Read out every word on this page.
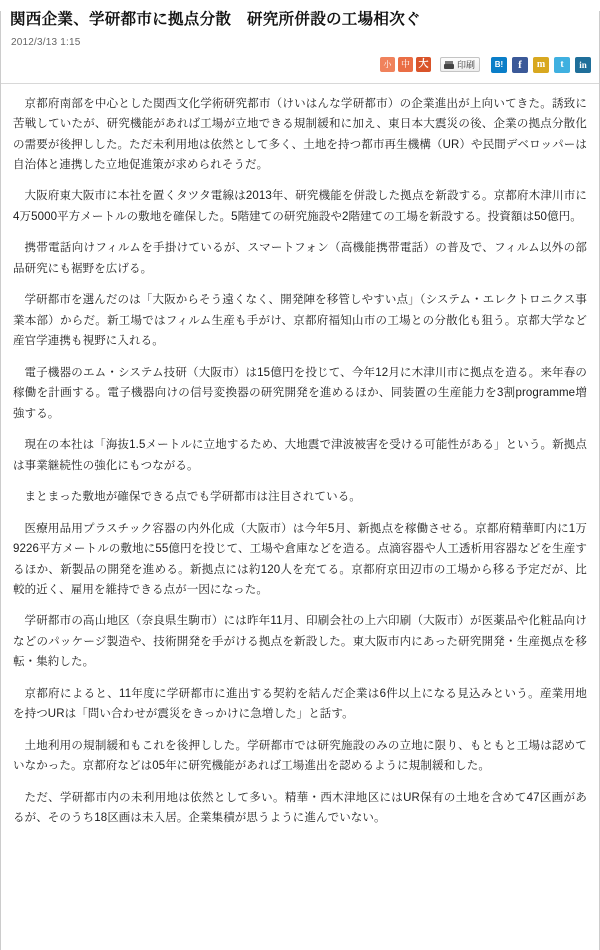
関西企業、学研都市に拠点分散　研究所併設の工場相次ぐ
2012/3/13 1:15
小	中 大	印刷	B!	f	m	t	in

京都府南部を中心とした関西文化学術研究都市（けいはんな学研都市）の企業進出が上向いてきた。誘致に苦戦していたが、研究機能があれば工場が立地できる規制緩和に加え、東日本大震災の後、企業の拠点分散化の需要が後押しした。ただ未利用地は依然として多く、土地を持つ都市再生機構（UR）や民間デベロッパーは自治体と連携した立地促進策が求められそうだ。

大阪府東大阪市に本社を置くタツタ電線は2013年、研究機能を併設した拠点を新設する。京都府木津川市に4万5000平方メートルの敷地を確保した。5階建ての研究施設や2階建ての工場を新設する。投資額は50億円。

携帯電話向けフィルムを手掛けているが、スマートフォン（高機能携帯電話）の普及で、フィルム以外の部品研究にも裾野を広げる。

学研都市を選んだのは「大阪からそう遠くなく、開発陣を移管しやすい点」（システム・エレクトロニクス事業本部）からだ。新工場ではフィルム生産も手がけ、京都府福知山市の工場との分散化も狙う。京都大学など産官学連携も視野に入れる。

電子機器のエム・システム技研（大阪市）は15億円を投じて、今年12月に木津川市に拠点を造る。来年春の稼働を計画する。電子機器向けの信号変換器の研究開発を進めるほか、同装置の生産能力を3割programme増強する。

現在の本社は「海抜1.5メートルに立地するため、大地震で津波被害を受ける可能性がある」という。新拠点は事業継続性の強化にもつながる。

まとまった敷地が確保できる点でも学研都市は注目されている。

医療用品用プラスチック容器の内外化成（大阪市）は今年5月、新拠点を稼働させる。京都府精華町内に1万9226平方メートルの敷地に55億円を投じて、工場や倉庫などを造る。点滴容器や人工透析用容器などを生産するほか、新製品の開発を進める。新拠点には約120人を充てる。京都府京田辺市の工場から移る予定だが、比較的近く、雇用を維持できる点が一因になった。

学研都市の高山地区（奈良県生駒市）には昨年11月、印刷会社の上六印刷（大阪市）が医薬品や化粧品向けなどのパッケージ製造や、技術開発を手がける拠点を新設した。東大阪市内にあった研究開発・生産拠点を移転・集約した。

京都府によると、11年度に学研都市に進出する契約を結んだ企業は6件以上になる見込みという。産業用地を持つURは「問い合わせが震災をきっかけに急増した」と話す。

土地利用の規制緩和もこれを後押しした。学研都市では研究施設のみの立地に限り、もともと工場は認めていなかった。京都府などは05年に研究機能があれば工場進出を認めるように規制緩和した。

ただ、学研都市内の未利用地は依然として多い。精華・西木津地区にはUR保有の土地を含めて47区画があるが、そのうち18区画は未入居。企業集積が思うように進んでいない。
